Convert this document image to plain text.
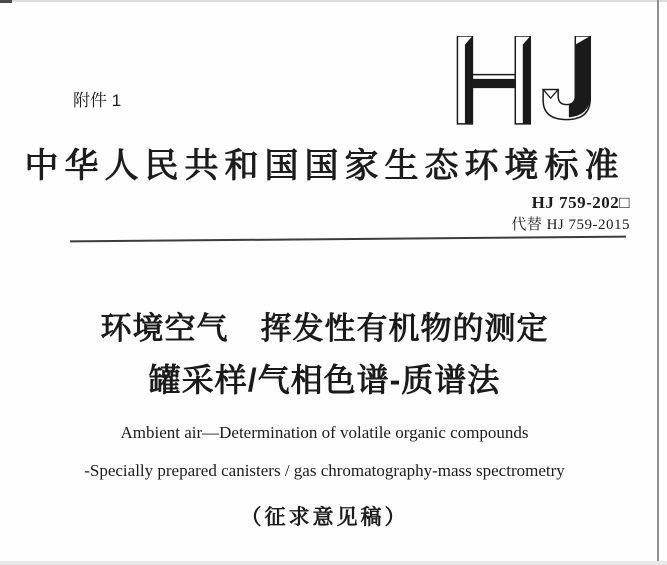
附件 1
中华人民共和国国家生态环境标准
HJ 759-202□
代替 HJ 759-2015
环境空气　挥发性有机物的测定
罐采样/气相色谱-质谱法

Ambient air—Determination of volatile organic compounds

-Specially prepared canisters / gas chromatography-mass spectrometry

（征求意见稿）
